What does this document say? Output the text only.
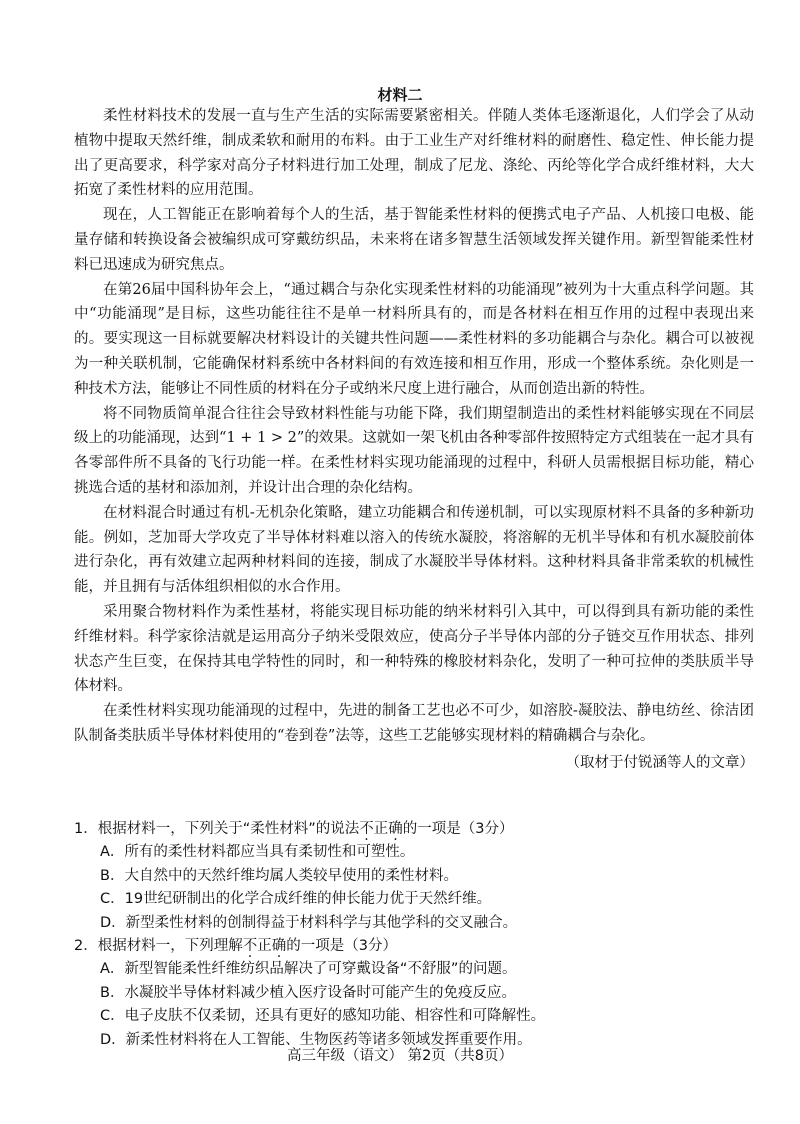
材料二

柔性材料技术的发展一直与生产生活的实际需要紧密相关。伴随人类体毛逐渐退化，人们学会了从动植物中提取天然纤维，制成柔软和耐用的布料。由于工业生产对纤维材料的耐磨性、稳定性、伸长能力提出了更高要求，科学家对高分子材料进行加工处理，制成了尼龙、涤纶、丙纶等化学合成纤维材料，大大拓宽了柔性材料的应用范围。

现在，人工智能正在影响着每个人的生活，基于智能柔性材料的便携式电子产品、人机接口电极、能量存储和转换设备会被编织成可穿戴纺织品，未来将在诸多智慧生活领域发挥关键作用。新型智能柔性材料已迅速成为研究焦点。

在第26届中国科协年会上，“通过耦合与杂化实现柔性材料的功能涌现”被列为十大重点科学问题。其中“功能涌现”是目标，这些功能往往不是单一材料所具有的，而是各材料在相互作用的过程中表现出来的。要实现这一目标就要解决材料设计的关键共性问题——柔性材料的多功能耦合与杂化。耦合可以被视为一种关联机制，它能确保材料系统中各材料间的有效连接和相互作用，形成一个整体系统。杂化则是一种技术方法，能够让不同性质的材料在分子或纳米尺度上进行融合，从而创造出新的特性。

将不同物质简单混合往往会导致材料性能与功能下降，我们期望制造出的柔性材料能够实现在不同层级上的功能涌现，达到“1 + 1 > 2”的效果。这就如一架飞机由各种零部件按照特定方式组装在一起才具有各零部件所不具备的飞行功能一样。在柔性材料实现功能涌现的过程中，科研人员需根据目标功能，精心挑选合适的基材和添加剂，并设计出合理的杂化结构。

在材料混合时通过有机-无机杂化策略，建立功能耦合和传递机制，可以实现原材料不具备的多种新功能。例如，芝加哥大学攻克了半导体材料难以溶入的传统水凝胶，将溶解的无机半导体和有机水凝胶前体进行杂化，再有效建立起两种材料间的连接，制成了水凝胶半导体材料。这种材料具备非常柔软的机械性能，并且拥有与活体组织相似的水合作用。

采用聚合物材料作为柔性基材，将能实现目标功能的纳米材料引入其中，可以得到具有新功能的柔性纤维材料。科学家徐洁就是运用高分子纳米受限效应，使高分子半导体内部的分子链交互作用状态、排列状态产生巨变，在保持其电学特性的同时，和一种特殊的橡胶材料杂化，发明了一种可拉伸的类肤质半导体材料。

在柔性材料实现功能涌现的过程中，先进的制备工艺也必不可少，如溶胶-凝胶法、静电纺丝、徐洁团队制备类肤质半导体材料使用的“卷到卷”法等，这些工艺能够实现材料的精确耦合与杂化。

（取材于付锐涵等人的文章）

1．根据材料一，下列关于“柔性材料”的说法不正确的一项是（3分）

A．所有的柔性材料都应当具有柔韧性和可塑性。

B．大自然中的天然纤维均属人类较早使用的柔性材料。

C．19世纪研制出的化学合成纤维的伸长能力优于天然纤维。

D．新型柔性材料的创制得益于材料科学与其他学科的交叉融合。

2．根据材料一，下列理解不正确的一项是（3分）

A．新型智能柔性纤维纺织品解决了可穿戴设备“不舒服”的问题。

B．水凝胶半导体材料减少植入医疗设备时可能产生的免疫反应。

C．电子皮肤不仅柔韧，还具有更好的感知功能、相容性和可降解性。

D．新柔性材料将在人工智能、生物医药等诸多领域发挥重要作用。

高三年级（语文） 第2页（共8页）
